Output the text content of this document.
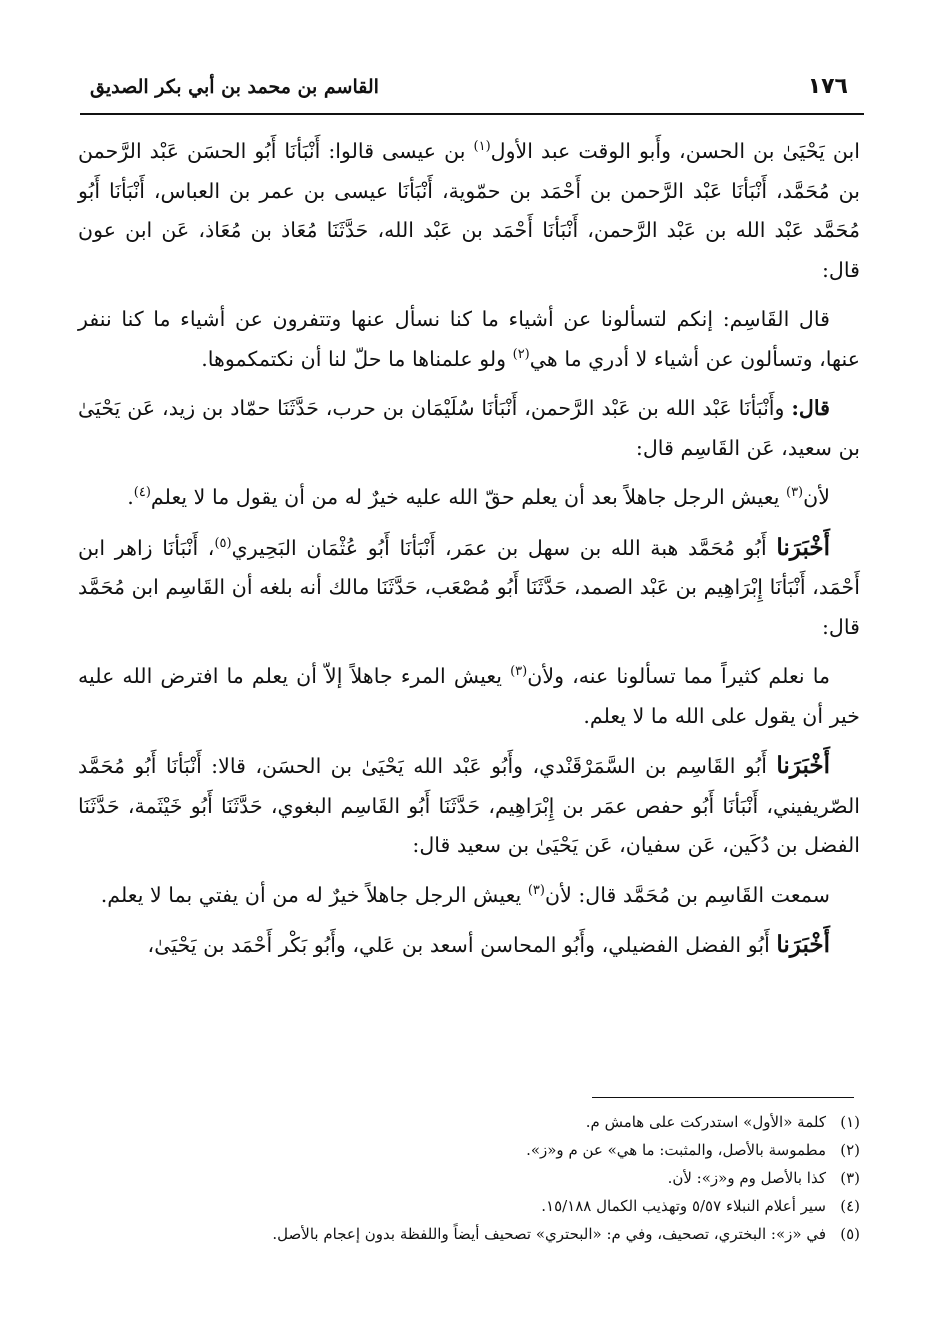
١٧٦
القاسم بن محمد بن أبي بكر الصديق

ابن يَحْيَىٰ بن الحسن، وأَبو الوقت عبد الأول$^{(١)}$ بن عيسى قالوا: أَنْبَأنَا أَبُو الحسَن عَبْد الرَّحمن بن مُحَمَّد، أَنْبَأنَا عَبْد الرَّحمن بن أَحْمَد بن حمّوية، أَنْبَأنَا عيسى بن عمر بن العباس، أَنْبَأنَا أَبُو مُحَمَّد عَبْد الله بن عَبْد الرَّحمن، أَنْبَأنَا أَحْمَد بن عَبْد الله، حَدَّثَنَا مُعَاذ بن مُعَاذ، عَن ابن عون قال:

قال القَاسِم: إنكم لتسألونا عن أشياء ما كنا نسأل عنها وتتفرون عن أشياء ما كنا ننفر عنها، وتسألون عن أشياء لا أدري ما هي$^{(٢)}$ ولو علمناها ما حلّ لنا أن نكتمكموها.

قال: وأَنْبَأنَا عَبْد الله بن عَبْد الرَّحمن، أَنْبَأنَا سُلَيْمَان بن حرب، حَدَّثَنَا حمّاد بن زيد، عَن يَحْيَىٰ بن سعيد، عَن القَاسِم قال:

لأن$^{(٣)}$ يعيش الرجل جاهلاً بعد أن يعلم حقّ الله عليه خيرٌ له من أن يقول ما لا يعلم$^{(٤)}$.

أَخْبَرَنا أَبُو مُحَمَّد هبة الله بن سهل بن عمَر، أَنْبَأنَا أَبُو عُثْمَان البَحِيري$^{(٥)}$، أَنْبَأنَا زاهر ابن أَحْمَد، أَنْبَأنَا إِبْرَاهِيم بن عَبْد الصمد، حَدَّثَنَا أَبُو مُصْعَب، حَدَّثَنَا مالك أنه بلغه أن القَاسِم ابن مُحَمَّد قال:

ما نعلم كثيراً مما تسألونا عنه، ولأن$^{(٣)}$ يعيش المرء جاهلاً إلاّ أن يعلم ما افترض الله عليه خير أن يقول على الله ما لا يعلم.

أَخْبَرَنا أَبُو القَاسِم بن السَّمَرْقَنْدي، وأَبُو عَبْد الله يَحْيَىٰ بن الحسَن، قالا: أَنْبَأنَا أَبُو مُحَمَّد الصّريفيني، أَنْبَأنَا أَبُو حفص عمَر بن إِبْرَاهِيم، حَدَّثَنَا أَبُو القَاسِم البغوي، حَدَّثَنَا أَبُو خَيْثَمة، حَدَّثَنَا الفضل بن دُكَين، عَن سفيان، عَن يَحْيَىٰ بن سعيد قال:

سمعت القَاسِم بن مُحَمَّد قال: لأن$^{(٣)}$ يعيش الرجل جاهلاً خيرٌ له من أن يفتي بما لا يعلم.

أَخْبَرَنا أَبُو الفضل الفضيلي، وأَبُو المحاسن أسعد بن عَلي، وأَبُو بَكْر أَحْمَد بن يَحْيَىٰ،

(١)كلمة «الأول» استدركت على هامش م.
(٢)مطموسة بالأصل، والمثبت: ما هي» عن م و«ز».
(٣)كذا بالأصل وم و«ز»: لأن.
(٤)سير أعلام النبلاء ٥/٥٧ وتهذيب الكمال ١٥/١٨٨.
(٥)في «ز»: البختري، تصحيف، وفي م: «البحتري» تصحيف أيضاً واللفظة بدون إعجام بالأصل.
